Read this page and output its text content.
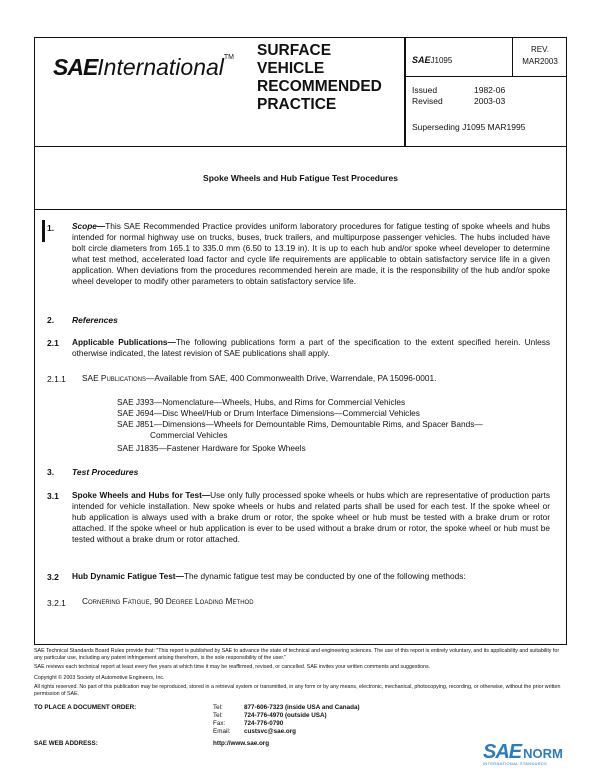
SAEInternational™ SURFACE
VEHICLE
RECOMMENDED
PRACTICE
SAEJ1095
REV.
MAR2003
Issued	1982-06
Revised	2003-03
Superseding J1095 MAR1995
Spoke Wheels and Hub Fatigue Test Procedures
1. Scope—This SAE Recommended Practice provides uniform laboratory procedures for fatigue testing of spoke wheels and hubs intended for normal highway use on trucks, buses, truck trailers, and multipurpose passenger vehicles. The hubs included have bolt circle diameters from 165.1 to 335.0 mm (6.50 to 13.19 in). It is up to each hub and/or spoke wheel developer to determine what test method, accelerated load factor and cycle life requirements are applicable to obtain satisfactory service life in a given application. When deviations from the procedures recommended herein are made, it is the responsibility of the hub and/or spoke wheel developer to modify other parameters to obtain satisfactory service life.
2. References
2.1 Applicable Publications—The following publications form a part of the specification to the extent specified herein. Unless otherwise indicated, the latest revision of SAE publications shall apply.
2.1.1 SAE Publications—Available from SAE, 400 Commonwealth Drive, Warrendale, PA 15096-0001.
SAE J393—Nomenclature—Wheels, Hubs, and Rims for Commercial Vehicles
SAE J694—Disc Wheel/Hub or Drum Interface Dimensions—Commercial Vehicles
SAE J851—Dimensions—Wheels for Demountable Rims, Demountable Rims, and Spacer Bands—
Commercial Vehicles
SAE J1835—Fastener Hardware for Spoke Wheels
3. Test Procedures
3.1 Spoke Wheels and Hubs for Test—Use only fully processed spoke wheels or hubs which are representative of production parts intended for vehicle installation. New spoke wheels or hubs and related parts shall be used for each test. If the spoke wheel or hub application is always used with a brake drum or rotor, the spoke wheel or hub must be tested with a brake drum or rotor attached. If the spoke wheel or hub application is ever to be used without a brake drum or rotor, the spoke wheel or hub must be tested without a brake drum or rotor attached.
3.2 Hub Dynamic Fatigue Test—The dynamic fatigue test may be conducted by one of the following methods:
3.2.1 Cornering Fatigue, 90 Degree Loading Method
SAE Technical Standards Board Rules provide that: "This report is published by SAE to advance the state of technical and engineering sciences. The use of this report is entirely voluntary, and its applicability and suitability for any particular use, including any patent infringement arising therefrom, is the sole responsibility of the user."
SAE reviews each technical report at least every five years at which time it may be reaffirmed, revised, or cancelled. SAE invites your written comments and suggestions.
Copyright © 2003 Society of Automotive Engineers, Inc.
All rights reserved. No part of this publication may be reproduced, stored in a retrieval system or transmitted, in any form or by any means, electronic, mechanical, photocopying, recording, or otherwise, without the prior written permission of SAE.
TO PLACE A DOCUMENT ORDER:	Tel:	877-606-7323 (inside USA and Canada)
Tel:	724-776-4970 (outside USA)
Fax:	724-776-0790
Email: custsvc@sae.org
SAE WEB ADDRESS:	http://www.sae.org	SAE NORM
INTERNATIONAL STANDARDS
